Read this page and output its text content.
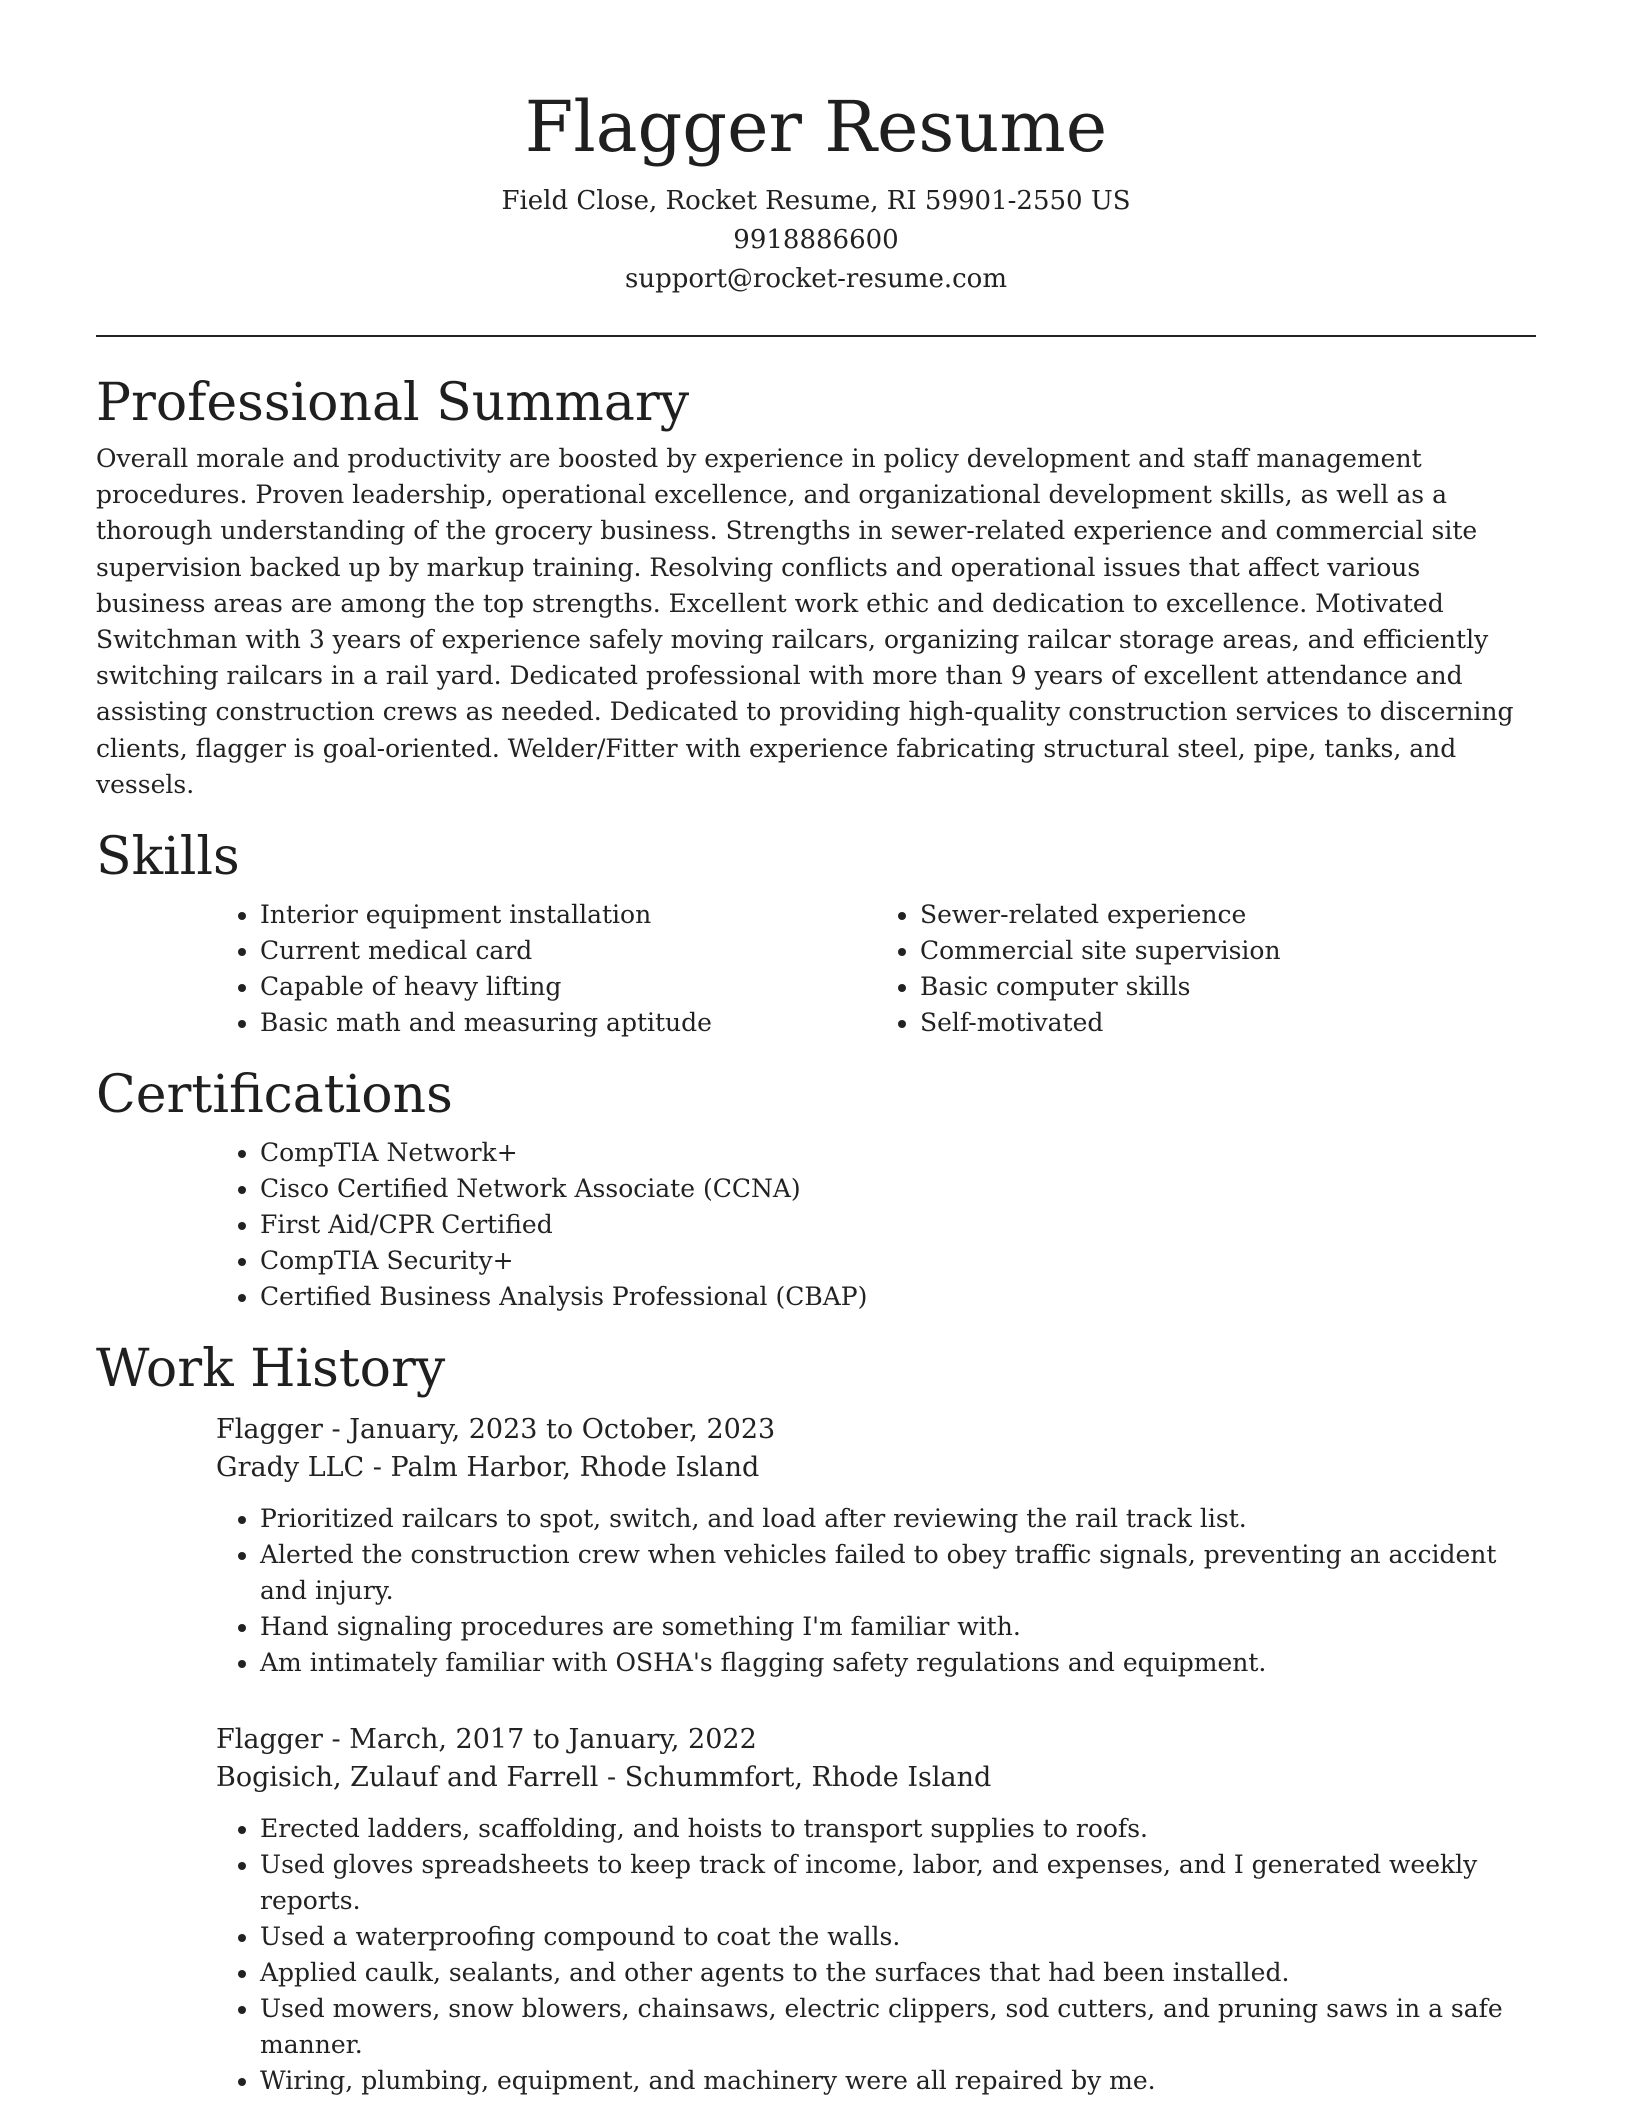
Flagger Resume
Field Close, Rocket Resume, RI 59901-2550 US
9918886600
support@rocket-resume.com
Professional Summary

Overall morale and productivity are boosted by experience in policy development and staff management procedures. Proven leadership, operational excellence, and organizational development skills, as well as a thorough understanding of the grocery business. Strengths in sewer-related experience and commercial site supervision backed up by markup training. Resolving conflicts and operational issues that affect various business areas are among the top strengths. Excellent work ethic and dedication to excellence. Motivated Switchman with 3 years of experience safely moving railcars, organizing railcar storage areas, and efficiently switching railcars in a rail yard. Dedicated professional with more than 9 years of excellent attendance and assisting construction crews as needed. Dedicated to providing high-quality construction services to discerning clients, flagger is goal-oriented. Welder/Fitter with experience fabricating structural steel, pipe, tanks, and vessels.

Skills
• Interior equipment installation
• Current medical card
• Capable of heavy lifting
• Basic math and measuring aptitude
• Sewer-related experience
• Commercial site supervision
• Basic computer skills
• Self-motivated
Certifications
• CompTIA Network+
• Cisco Certified Network Associate (CCNA)
• First Aid/CPR Certified
• CompTIA Security+
• Certified Business Analysis Professional (CBAP)
Work History
Flagger - January, 2023 to October, 2023
Grady LLC - Palm Harbor, Rhode Island
• Prioritized railcars to spot, switch, and load after reviewing the rail track list.
• Alerted the construction crew when vehicles failed to obey traffic signals, preventing an accident and injury.
• Hand signaling procedures are something I'm familiar with.
• Am intimately familiar with OSHA's flagging safety regulations and equipment.
Flagger - March, 2017 to January, 2022
Bogisich, Zulauf and Farrell - Schummfort, Rhode Island
• Erected ladders, scaffolding, and hoists to transport supplies to roofs.
• Used gloves spreadsheets to keep track of income, labor, and expenses, and I generated weekly reports.
• Used a waterproofing compound to coat the walls.
• Applied caulk, sealants, and other agents to the surfaces that had been installed.
• Used mowers, snow blowers, chainsaws, electric clippers, sod cutters, and pruning saws in a safe manner.
• Wiring, plumbing, equipment, and machinery were all repaired by me.
